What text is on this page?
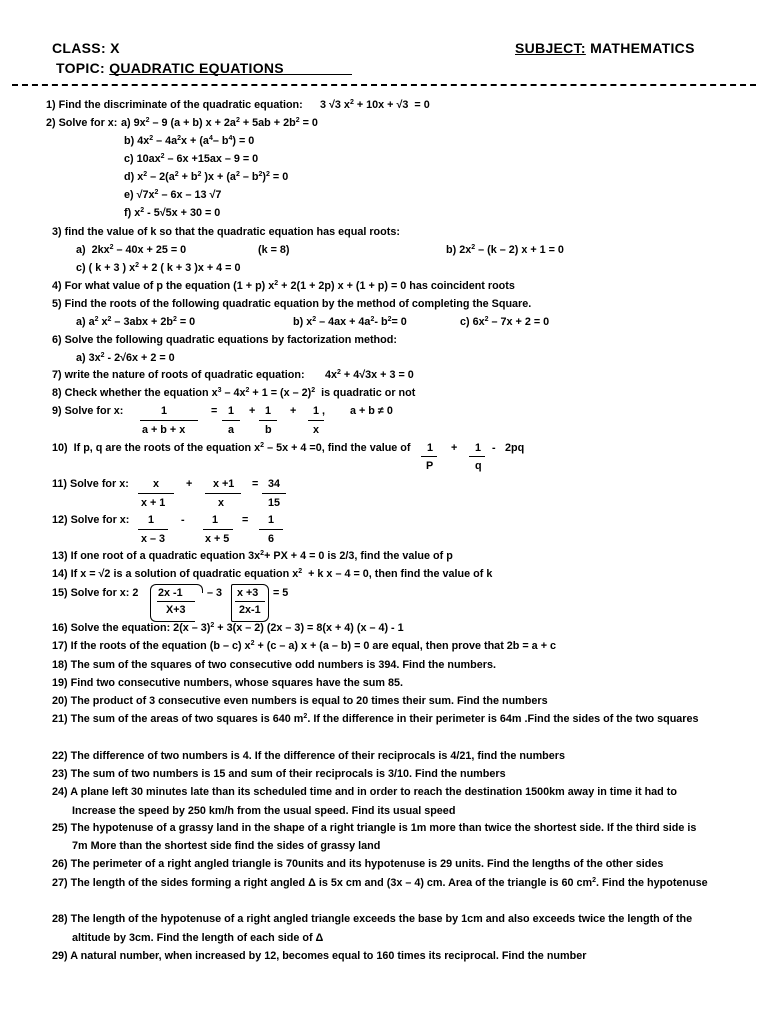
CLASS: X	SUBJECT: MATHEMATICS
TOPIC: QUADRATIC EQUATIONS
1) Find the discriminate of the quadratic equation: 3 √3 $x^2 + 10x + √3 = 0$
2) Solve for x: a) $9x^2 - 9$ (a + b) $x + 2a^2 + 5ab + 2b^2 = 0$
b) $4x^2 - 4a^2x + (a^4-$ $b^4) = 0$
c) $10ax^2 - 6x +15ax - 9 = 0$
d) $x^2 - 2(a^2 + b^2$ )$x + (a^2 - b^2)^2 = 0$
e) $√7x^2 - 6x - 13$ √7
f) $x^2 - 5√5x + 30 = 0$
3) find the value of k so that the quadratic equation has equal roots:
a)  $2kx^2 - 40x + 25 = 0$	(k = 8)	b) $2x^2 - (k - 2) x + 1 = 0$
c) ( k + 3 ) $x^2 + 2$ ( k + 3 )x + 4 = 0
4) For what value of p the equation (1 + p) $x^2 + 2(1 + 2p) x + (1 + p) = 0$ has coincident roots
5) Find the roots of the following quadratic equation by the method of completing the Square.
a) $a^2$ $x^2 - 3abx + 2b^2 = 0$	b) $x^2 - 4ax + 4a^2-$ $b^2= 0$	c) $6x^2 - 7x + 2 = 0$
6) Solve the following quadratic equations by factorization method:
a) $3x^2 - 2√6x + 2 = 0$
7) write the nature of roots of quadratic equation: $4x^2 + 4√3x + 3 = 0$
8) Check whether the equation $x^3 - 4x^2 + 1 = (x - 2)^2$  is quadratic or not
9) Solve for x:	1
a + b + x
= 1
a
+ 1
b
+ 1 ,
x
a + b ≠ 0
10)  If p, q are the roots of the equation $x^2 - 5x + 4 =0$, find the value of 1
P
+ 1
q
- 2pq
11) Solve for x: x
x + 1
+ x +1
x
= 34
15
12) Solve for x: 1
x – 3
-	1
x + 5
= 1
6
13) If one root of a quadratic equation $3x^2+$ PX + 4 = 0 is 2/3, find the value of p
14) If x = √2 is a solution of quadratic equation $x^2 + k$ x – 4 = 0, then find the value of k
15) Solve for x: 2 2x -1
X+3
– 3 x +3
2x-1
= 5
16) Solve the equation: 2(x – 3)$^2$ + 3(x – 2) (2x – 3) = 8(x + 4) (x – 4) - 1
17) If the roots of the equation (b – c) $x^2 + (c - a) x + (a - b) = 0$ are equal, then prove that 2b = a + c
18) The sum of the squares of two consecutive odd numbers is 394. Find the numbers.
19) Find two consecutive numbers, whose squares have the sum 85.
20) The product of 3 consecutive even numbers is equal to 20 times their sum. Find the numbers
21) The sum of the areas of two squares is 640 $m^2$. If the difference in their perimeter is 64m .Find the sides of the two squares
22) The difference of two numbers is 4. If the difference of their reciprocals is 4/21, find the numbers
23) The sum of two numbers is 15 and sum of their reciprocals is 3/10. Find the numbers
24) A plane left 30 minutes late than its scheduled time and in order to reach the destination 1500km away in time it had to
Increase the speed by 250 km/h from the usual speed. Find its usual speed
25) The hypotenuse of a grassy land in the shape of a right triangle is 1m more than twice the shortest side. If the third side is
7m More than the shortest side find the sides of grassy land
26) The perimeter of a right angled triangle is 70units and its hypotenuse is 29 units. Find the lengths of the other sides
27) The length of the sides forming a right angled Δ is 5x cm and (3x – 4) cm. Area of the triangle is 60 $cm^2$. Find the hypotenuse
28) The length of the hypotenuse of a right angled triangle exceeds the base by 1cm and also exceeds twice the length of the
altitude by 3cm. Find the length of each side of Δ
29) A natural number, when increased by 12, becomes equal to 160 times its reciprocal. Find the number
